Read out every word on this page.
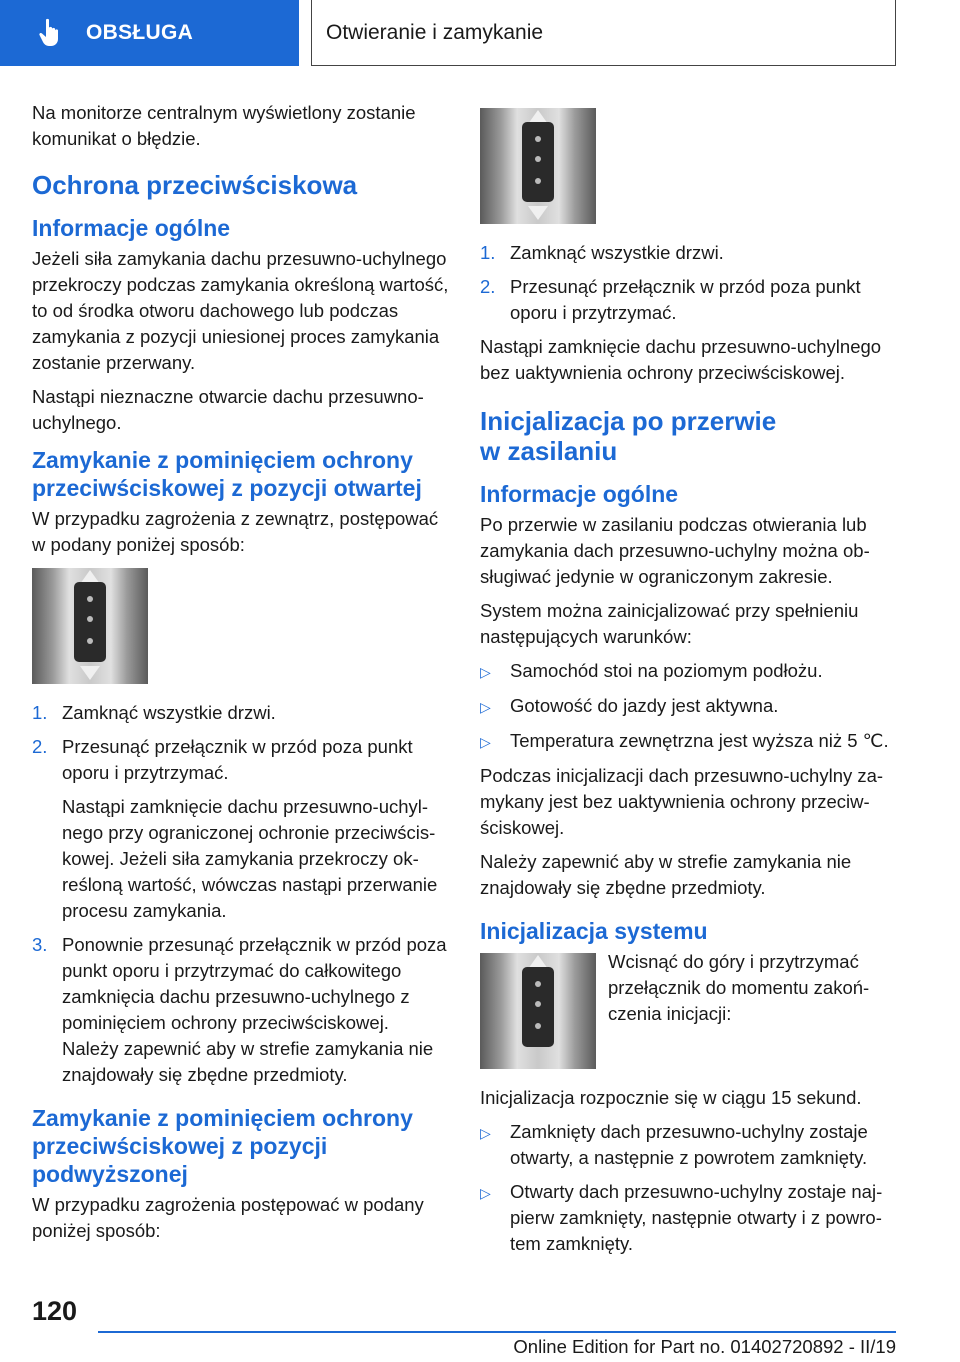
OBSŁUGA	Otwieranie i zamykanie

Na monitorze centralnym wyświetlony zostanie komunikat o błędzie.

Ochrona przeciwściskowa
Informacje ogólne

Jeżeli siła zamykania dachu przesuwno-uchylnego przekroczy podczas zamykania określoną wartość, to od środka otworu dachowego lub podczas zamykania z pozycji uniesionej proces zamykania zostanie przerwany.

Nastąpi nieznaczne otwarcie dachu przesuwno-uchylnego.

Zamykanie z pominięciem ochrony przeciwściskowej z pozycji otwartej

W przypadku zagrożenia z zewnątrz, postępować w podany poniżej sposób:

1. Zamknąć wszystkie drzwi.

2. Przesunąć przełącznik w przód poza punkt oporu i przytrzymać.

Nastąpi zamknięcie dachu przesuwno-uchylnego przy ograniczonej ochronie przeciwściskowej. Jeżeli siła zamykania przekroczy określoną wartość, wówczas nastąpi przerwanie procesu zamykania.

3. Ponownie przesunąć przełącznik w przód poza punkt oporu i przytrzymać do całkowitego zamknięcia dachu przesuwno-uchylnego z pominięciem ochrony przeciwściskowej. Należy zapewnić aby w strefie zamykania nie znajdowały się zbędne przedmioty.

Zamykanie z pominięciem ochrony przeciwściskowej z pozycji podwyższonej

W przypadku zagrożenia postępować w podany poniżej sposób:

1. Zamknąć wszystkie drzwi.

2. Przesunąć przełącznik w przód poza punkt oporu i przytrzymać.

Nastąpi zamknięcie dachu przesuwno-uchylnego bez uaktywnienia ochrony przeciwściskowej.

Inicjalizacja po przerwie
w zasilaniu
Informacje ogólne

Po przerwie w zasilaniu podczas otwierania lub zamykania dach przesuwno-uchylny można obsługiwać jedynie w ograniczonym zakresie.

System można zainicjalizować przy spełnieniu następujących warunków:

▷	Samochód stoi na poziomym podłożu.
▷	Gotowość do jazdy jest aktywna.
▷	Temperatura zewnętrzna jest wyższa niż 5 ℃.

Podczas inicjalizacji dach przesuwno-uchylny zamykany jest bez uaktywnienia ochrony przeciwściskowej.

Należy zapewnić aby w strefie zamykania nie znajdowały się zbędne przedmioty.

Inicjalizacja systemu

Wcisnąć do góry i przytrzymać przełącznik do momentu zakończenia inicjacji:

Inicjalizacja rozpocznie się w ciągu 15 sekund.

▷	Zamknięty dach przesuwno-uchylny zostaje otwarty, a następnie z powrotem zamknięty.
▷	Otwarty dach przesuwno-uchylny zostaje najpierw zamknięty, następnie otwarty i z powrotem zamknięty.
120
Online Edition for Part no. 01402720892 - II/19
